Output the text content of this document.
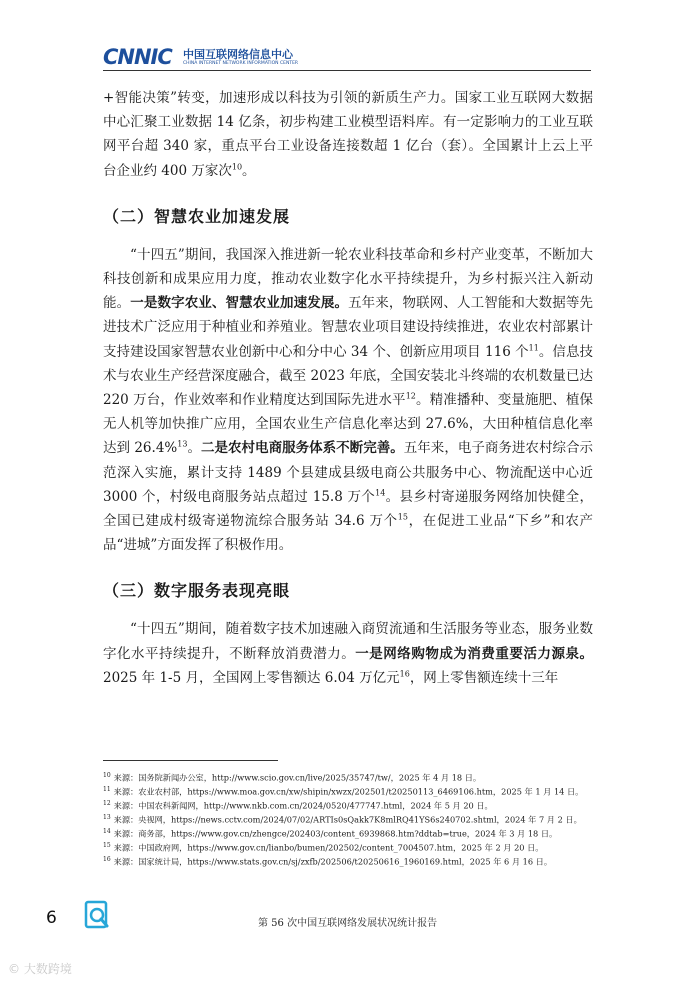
CNNIC 中国互联网络信息中心
CHINA INTERNET NETWORK INFORMATION CENTER

+智能决策”转变，加速形成以科技为引领的新质生产力。国家工业互联网大数据中心汇聚工业数据 14 亿条，初步构建工业模型语料库。有一定影响力的工业互联网平台超 340 家，重点平台工业设备连接数超 1 亿台（套）。全国累计上云上平台企业约 400 万家次$^{10}$。

（二）智慧农业加速发展

“十四五”期间，我国深入推进新一轮农业科技革命和乡村产业变革，不断加大科技创新和成果应用力度，推动农业数字化水平持续提升，为乡村振兴注入新动能。一是数字农业、智慧农业加速发展。五年来，物联网、人工智能和大数据等先进技术广泛应用于种植业和养殖业。智慧农业项目建设持续推进，农业农村部累计支持建设国家智慧农业创新中心和分中心 34 个、创新应用项目 116 个$^{11}$。信息技术与农业生产经营深度融合，截至 2023 年底，全国安装北斗终端的农机数量已达 220 万台，作业效率和作业精度达到国际先进水平$^{12}$。精准播种、变量施肥、植保无人机等加快推广应用，全国农业生产信息化率达到 27.6%，大田种植信息化率达到 26.4%$^{13}$。二是农村电商服务体系不断完善。五年来，电子商务进农村综合示范深入实施，累计支持 1489 个县建成县级电商公共服务中心、物流配送中心近 3000 个，村级电商服务站点超过 15.8 万个$^{14}$。县乡村寄递服务网络加快健全，全国已建成村级寄递物流综合服务站 34.6 万个$^{15}$，在促进工业品“下乡”和农产品“进城”方面发挥了积极作用。

（三）数字服务表现亮眼

“十四五”期间，随着数字技术加速融入商贸流通和生活服务等业态，服务业数字化水平持续提升，不断释放消费潜力。一是网络购物成为消费重要活力源泉。2025 年 1-5 月，全国网上零售额达 6.04 万亿元$^{16}$，网上零售额连续十三年

$^{10}$ 来源：国务院新闻办公室，http://www.scio.gov.cn/live/2025/35747/tw/，2025 年 4 月 18 日。

$^{11}$ 来源：农业农村部，https://www.moa.gov.cn/xw/shipin/xwzx/202501/t20250113_6469106.htm，2025 年 1 月 14 日。

$^{12}$ 来源：中国农科新闻网，http://www.nkb.com.cn/2024/0520/477747.html，2024 年 5 月 20 日。

$^{13}$ 来源：央视网，https://news.cctv.com/2024/07/02/ARTIs0sQakk7K8mlRQ41YS6s240702.shtml，2024 年 7 月 2 日。

$^{14}$ 来源：商务部，https://www.gov.cn/zhengce/202403/content_6939868.htm?ddtab=true，2024 年 3 月 18 日。

$^{15}$ 来源：中国政府网，https://www.gov.cn/lianbo/bumen/202502/content_7004507.htm，2025 年 2 月 20 日。

$^{16}$ 来源：国家统计局，https://www.stats.gov.cn/sj/zxfb/202506/t20250616_1960169.html，2025 年 6 月 16 日。

6	第 56 次中国互联网络发展状况统计报告
© 大数跨境
